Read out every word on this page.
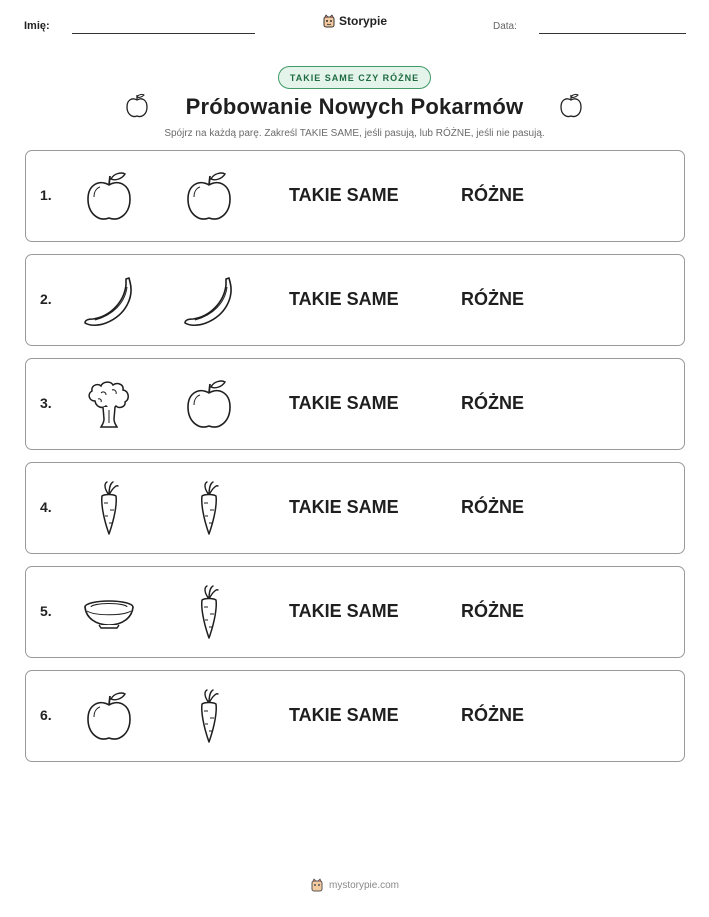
Imię:	Storypie	Data:
TAKIE SAME CZY RÓŻNE
Próbowanie Nowych Pokarmów
Spójrz na każdą parę. Zakreśl TAKIE SAME, jeśli pasują, lub RÓŻNE, jeśli nie pasują.
1.	TAKIE SAME	RÓŻNE
2.	TAKIE SAME	RÓŻNE
3.	TAKIE SAME	RÓŻNE
4.	TAKIE SAME	RÓŻNE
5.	TAKIE SAME	RÓŻNE
6.	TAKIE SAME	RÓŻNE
mystorypie.com
